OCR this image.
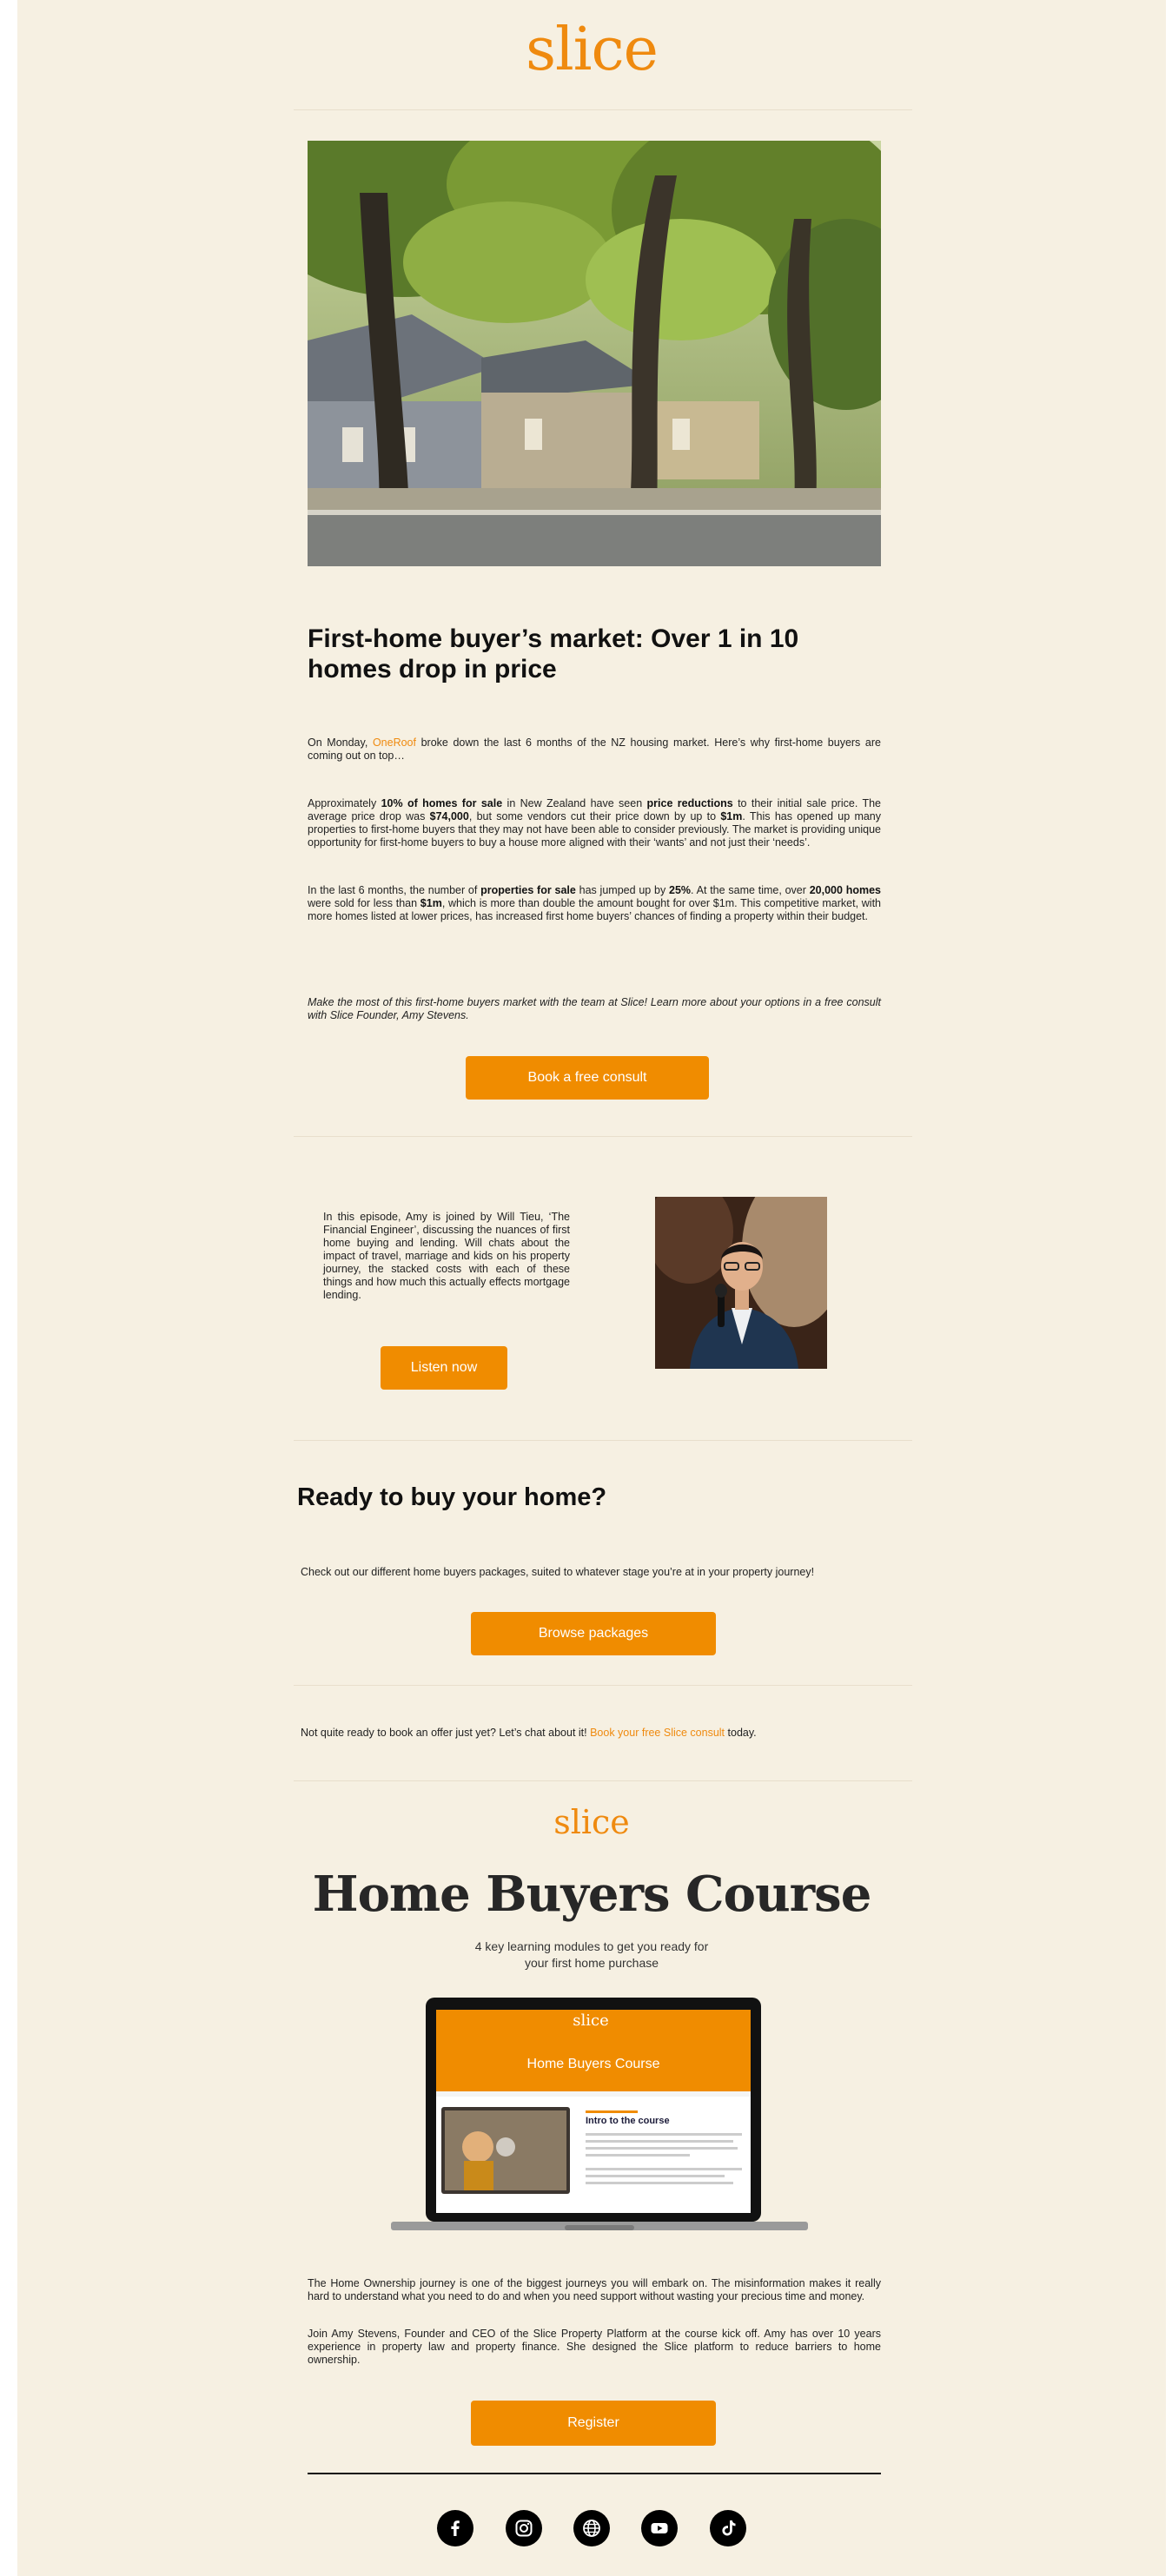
slice
First-home buyer’s market: Over 1 in 10 homes drop in price

On Monday, OneRoof broke down the last 6 months of the NZ housing market. Here’s why first-home buyers are coming out on top…

Approximately 10% of homes for sale in New Zealand have seen price reductions to their initial sale price. The average price drop was $74,000, but some vendors cut their price down by up to $1m. This has opened up many properties to first-home buyers that they may not have been able to consider previously. The market is providing unique opportunity for first-home buyers to buy a house more aligned with their ‘wants’ and not just their ‘needs’.

In the last 6 months, the number of properties for sale has jumped up by 25%. At the same time, over 20,000 homes were sold for less than $1m, which is more than double the amount bought for over $1m. This competitive market, with more homes listed at lower prices, has increased first home buyers’ chances of finding a property within their budget.

Make the most of this first-home buyers market with the team at Slice! Learn more about your options in a free consult with Slice Founder, Amy Stevens.

Book a free consult

In this episode, Amy is joined by Will Tieu, ‘The Financial Engineer’, discussing the nuances of first home buying and lending. Will chats about the impact of travel, marriage and kids on his property journey, the stacked costs with each of these things and how much this actually effects mortgage lending.

Listen now
Ready to buy your home?

Check out our different home buyers packages, suited to whatever stage you’re at in your property journey!

Browse packages

Not quite ready to book an offer just yet? Let’s chat about it! Book your free Slice consult today.

slice
Home Buyers Course
4 key learning modules to get you ready for
your first home purchase
slice
Home Buyers Course
Intro to the course

The Home Ownership journey is one of the biggest journeys you will embark on. The misinformation makes it really hard to understand what you need to do and when you need support without wasting your precious time and money.

Join Amy Stevens, Founder and CEO of the Slice Property Platform at the course kick off. Amy has over 10 years experience in property law and property finance. She designed the Slice platform to reduce barriers to home ownership.

Register
